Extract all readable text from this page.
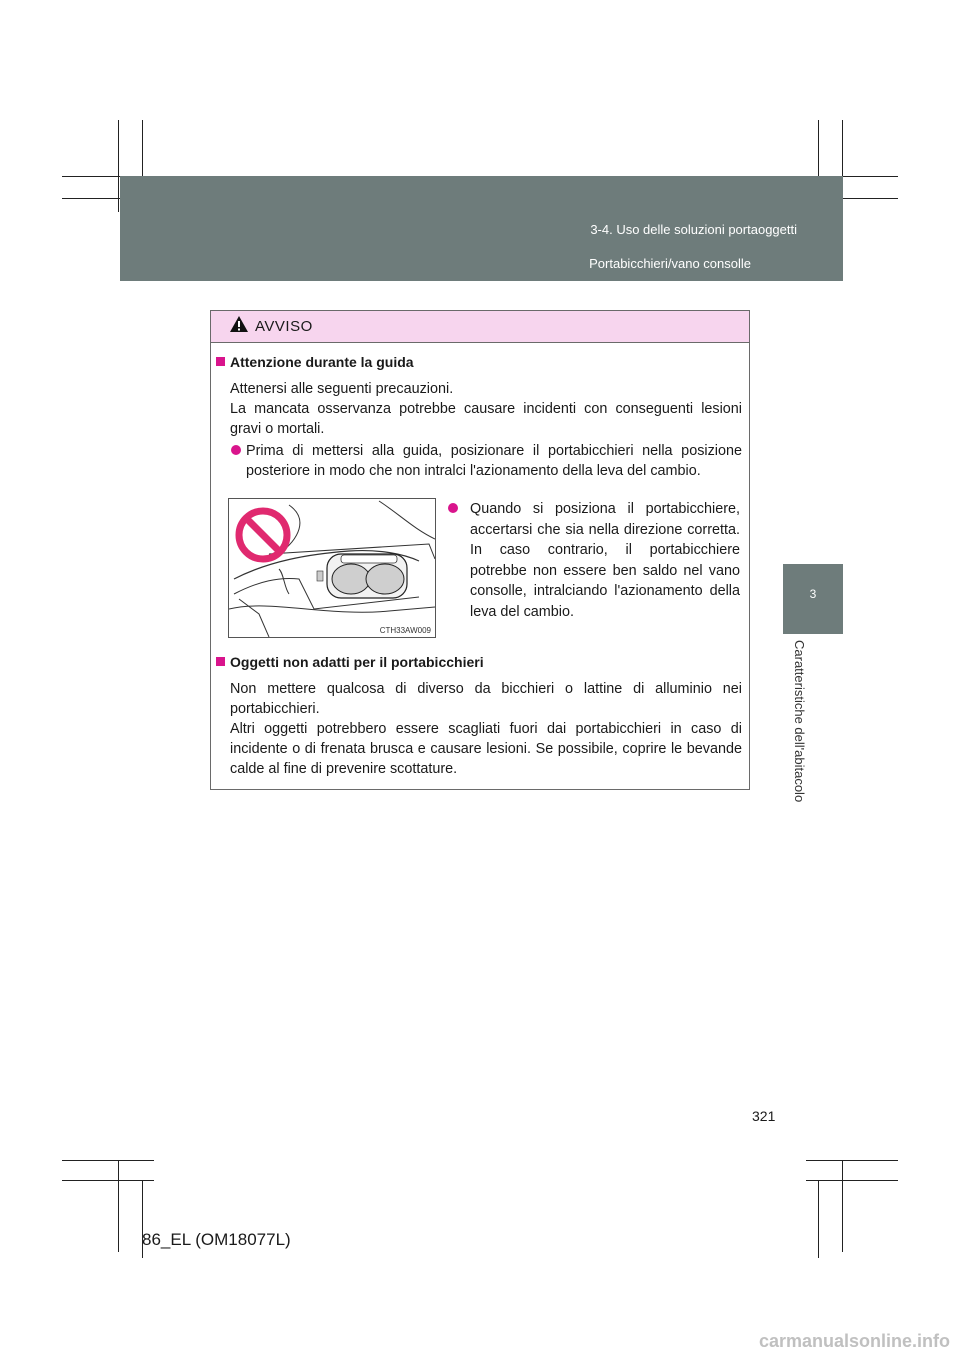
3-4. Uso delle soluzioni portaoggetti
Portabicchieri/vano consolle
3
Caratteristiche dell'abitacolo
AVVISO
Attenzione durante la guida
Attenersi alle seguenti precauzioni.
La mancata osservanza potrebbe causare incidenti con conseguenti lesioni gravi o mortali.
Prima di mettersi alla guida, posizionare il portabicchieri nella posizione posteriore in modo che non intralci l'azionamento della leva del cambio.
Quando si posiziona il portabicchiere, accertarsi che sia nella direzione corretta. In caso contrario, il portabicchiere potrebbe non essere ben saldo nel vano consolle, intralciando l'azionamento della leva del cambio.
Oggetti non adatti per il portabicchieri
Non mettere qualcosa di diverso da bicchieri o lattine di alluminio nei portabicchieri.
Altri oggetti potrebbero essere scagliati fuori dai portabicchieri in caso di incidente o di frenata brusca e causare lesioni. Se possibile, coprire le bevande calde al fine di prevenire scottature.
CTH33AW009
321
86_EL (OM18077L)
carmanualsonline.info
